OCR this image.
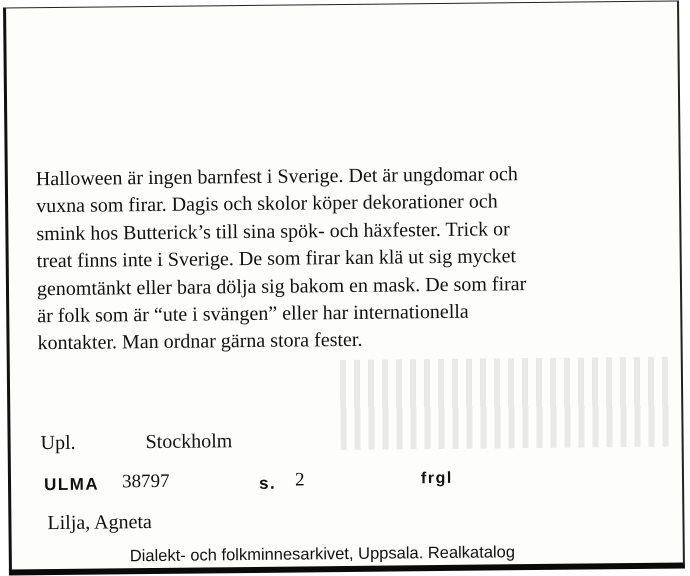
Halloween är ingen barnfest i Sverige. Det är ungdomar och
vuxna som firar. Dagis och skolor köper dekorationer och
smink hos Butterick’s till sina spök- och häxfester. Trick or
treat finns inte i Sverige. De som firar kan klä ut sig mycket
genomtänkt eller bara dölja sig bakom en mask. De som firar
är folk som är “ute i svängen” eller har internationella
kontakter. Man ordnar gärna stora fester.
Upl.	Stockholm
ULMA 38797	s. 2	frgl
Lilja, Agneta
Dialekt- och folkminnesarkivet, Uppsala. Realkatalog
